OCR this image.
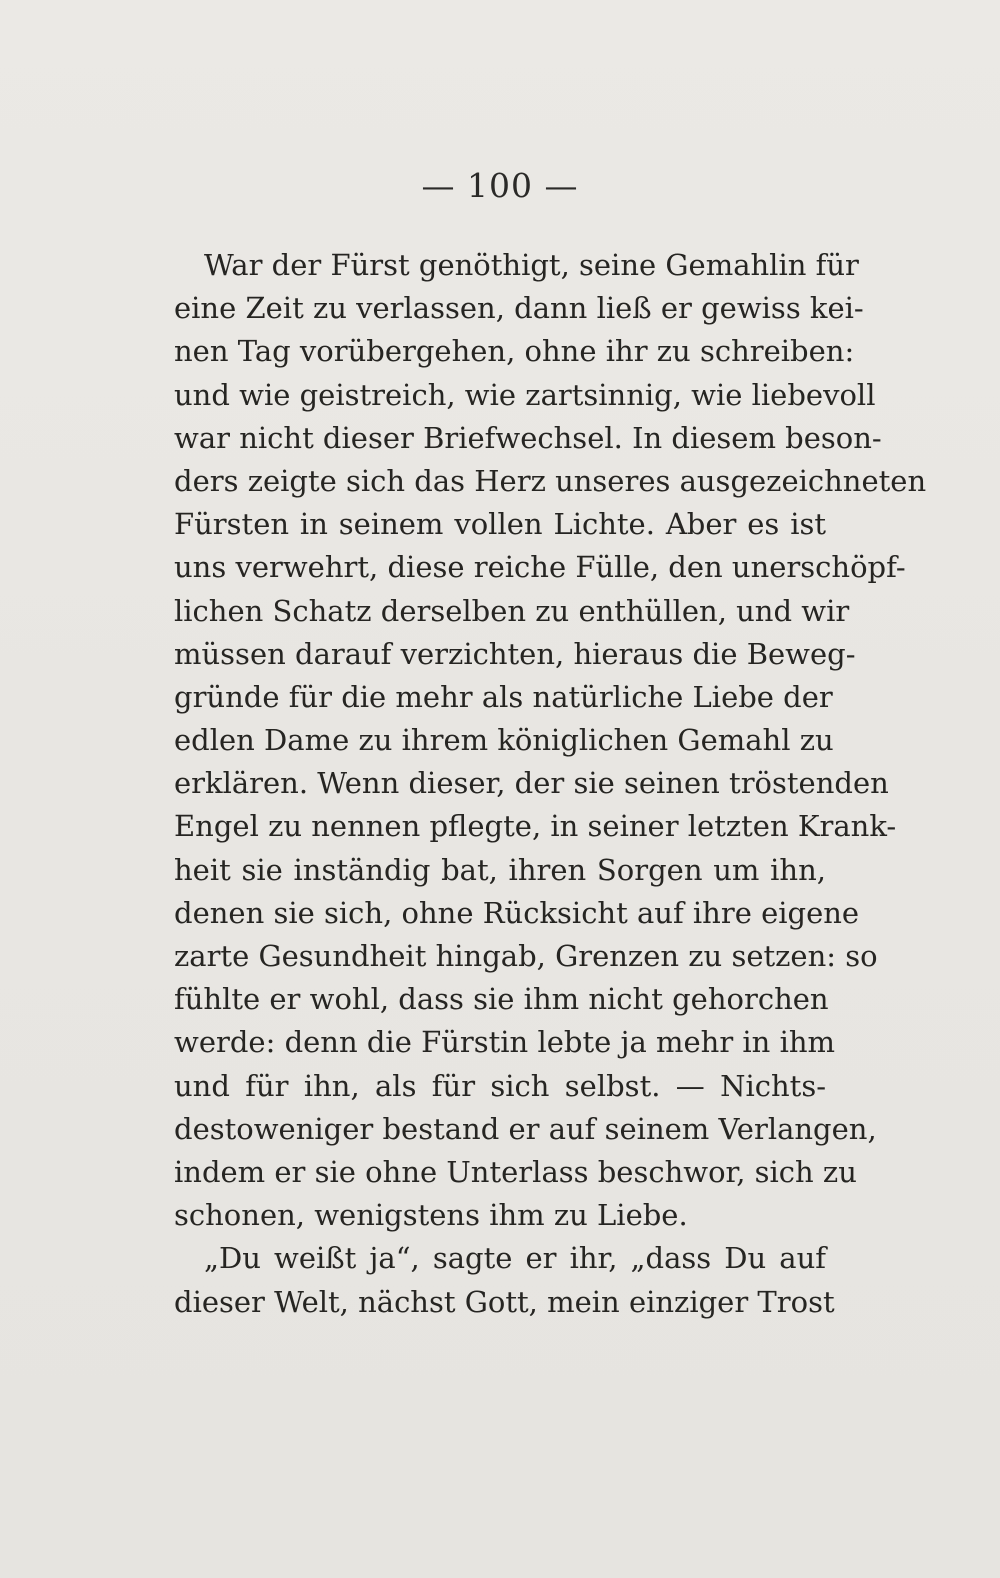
— 100 —
War der Fürst genöthigt, seine Gemahlin für
eine Zeit zu verlassen, dann ließ er gewiss kei-
nen Tag vorübergehen, ohne ihr zu schreiben:
und wie geistreich, wie zartsinnig, wie liebevoll
war nicht dieser Briefwechsel. In diesem beson-
ders zeigte sich das Herz unseres ausgezeichneten
Fürsten in seinem vollen Lichte. Aber es ist
uns verwehrt, diese reiche Fülle, den unerschöpf-
lichen Schatz derselben zu enthüllen, und wir
müssen darauf verzichten, hieraus die Beweg-
gründe für die mehr als natürliche Liebe der
edlen Dame zu ihrem königlichen Gemahl zu
erklären. Wenn dieser, der sie seinen tröstenden
Engel zu nennen pflegte, in seiner letzten Krank-
heit sie inständig bat, ihren Sorgen um ihn,
denen sie sich, ohne Rücksicht auf ihre eigene
zarte Gesundheit hingab, Grenzen zu setzen: so
fühlte er wohl, dass sie ihm nicht gehorchen
werde: denn die Fürstin lebte ja mehr in ihm
und für ihn, als für sich selbst. — Nichts-
destoweniger bestand er auf seinem Verlangen,
indem er sie ohne Unterlass beschwor, sich zu
schonen, wenigstens ihm zu Liebe.
„Du weißt ja“, sagte er ihr, „dass Du auf
dieser Welt, nächst Gott, mein einziger Trost
